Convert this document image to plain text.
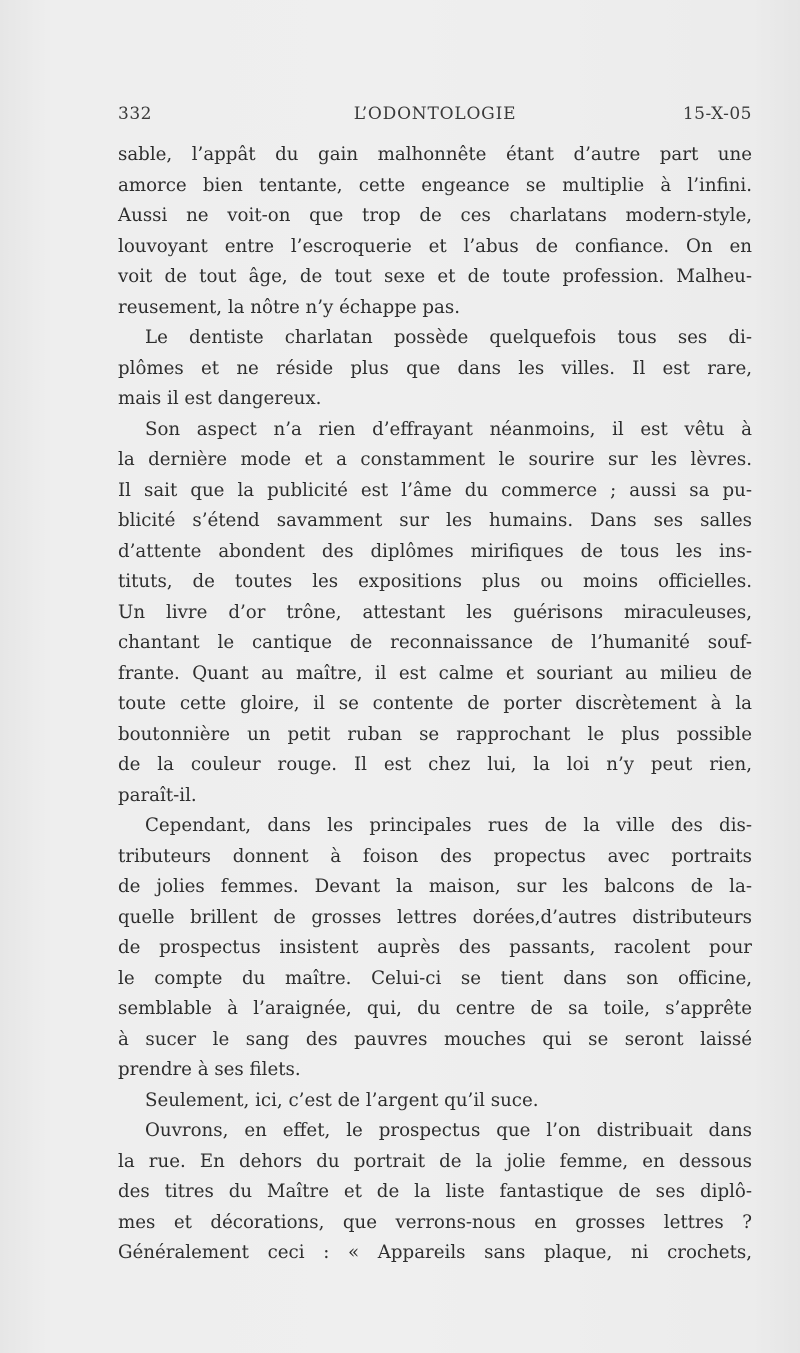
332	L’ODONTOLOGIE	15-X-05
sable, l’appât du gain malhonnête étant d’autre part une
amorce bien tentante, cette engeance se multiplie à l’infini.
Aussi ne voit-on que trop de ces charlatans modern-style,
louvoyant entre l’escroquerie et l’abus de confiance. On en
voit de tout âge, de tout sexe et de toute profession. Malheu-
reusement, la nôtre n’y échappe pas.
Le dentiste charlatan possède quelquefois tous ses di-
plômes et ne réside plus que dans les villes. Il est rare,
mais il est dangereux.
Son aspect n’a rien d’effrayant néanmoins, il est vêtu à
la dernière mode et a constamment le sourire sur les lèvres.
Il sait que la publicité est l’âme du commerce ; aussi sa pu-
blicité s’étend savamment sur les humains. Dans ses salles
d’attente abondent des diplômes mirifiques de tous les ins-
tituts, de toutes les expositions plus ou moins officielles.
Un livre d’or trône, attestant les guérisons miraculeuses,
chantant le cantique de reconnaissance de l’humanité souf-
frante. Quant au maître, il est calme et souriant au milieu de
toute cette gloire, il se contente de porter discrètement à la
boutonnière un petit ruban se rapprochant le plus possible
de la couleur rouge. Il est chez lui, la loi n’y peut rien,
paraît-il.
Cependant, dans les principales rues de la ville des dis-
tributeurs donnent à foison des propectus avec portraits
de jolies femmes. Devant la maison, sur les balcons de la-
quelle brillent de grosses lettres dorées,d’autres distributeurs
de prospectus insistent auprès des passants, racolent pour
le compte du maître. Celui-ci se tient dans son officine,
semblable à l’araignée, qui, du centre de sa toile, s’apprête
à sucer le sang des pauvres mouches qui se seront laissé
prendre à ses filets.
Seulement, ici, c’est de l’argent qu’il suce.
Ouvrons, en effet, le prospectus que l’on distribuait dans
la rue. En dehors du portrait de la jolie femme, en dessous
des titres du Maître et de la liste fantastique de ses diplô-
mes et décorations, que verrons-nous en grosses lettres ?
Généralement ceci : « Appareils sans plaque, ni crochets,
